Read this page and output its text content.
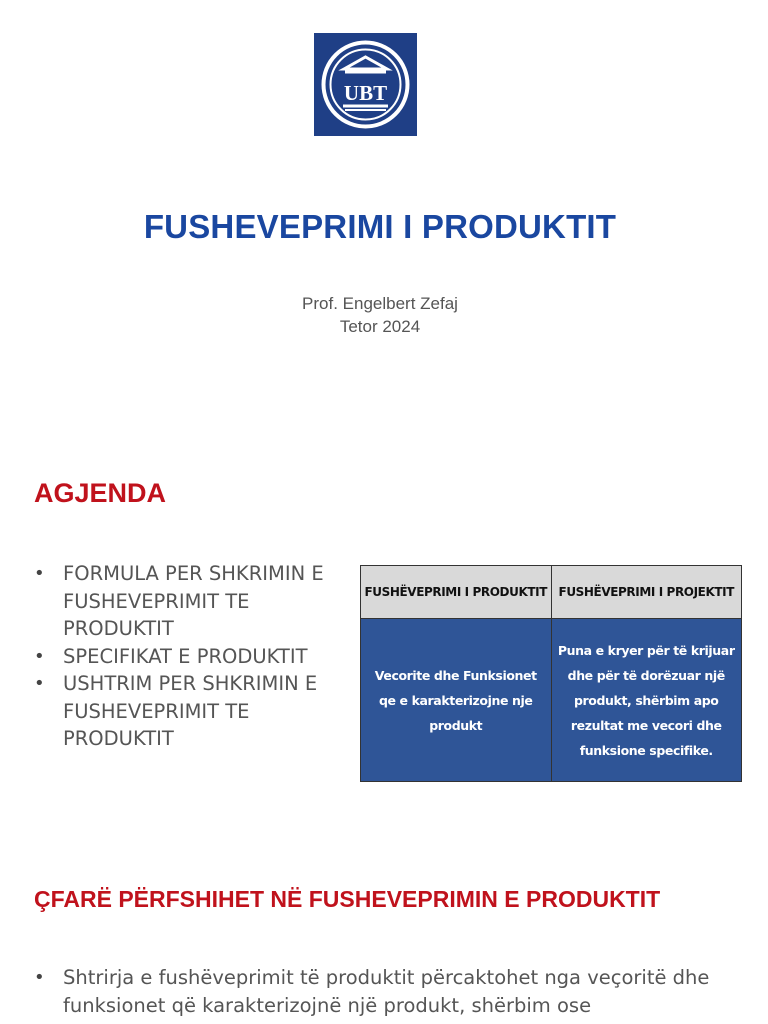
UBT
FUSHEVEPRIMI I PRODUKTIT
Prof. Engelbert Zefaj
Tetor 2024
AGJENDA
• FORMULA PER SHKRIMIN E FUSHEVEPRIMIT TE PRODUKTIT
• SPECIFIKAT E PRODUKTIT
• USHTRIM PER SHKRIMIN E FUSHEVEPRIMIT TE PRODUKTIT
FUSHËVEPRIMI I PRODUKTIT	FUSHËVEPRIMI I PROJEKTIT
Vecorite dhe Funksionet qe e karakterizojne nje produkt	Puna e kryer për të krijuar dhe për të dorëzuar një produkt, shërbim apo rezultat me vecori dhe funksione specifike.
ÇFARË PËRFSHIHET NË FUSHEVEPRIMIN E PRODUKTIT
• Shtrirja e fushëveprimit të produktit përcaktohet nga veçoritë dhe funksionet që karakterizojnë një produkt, shërbim ose
